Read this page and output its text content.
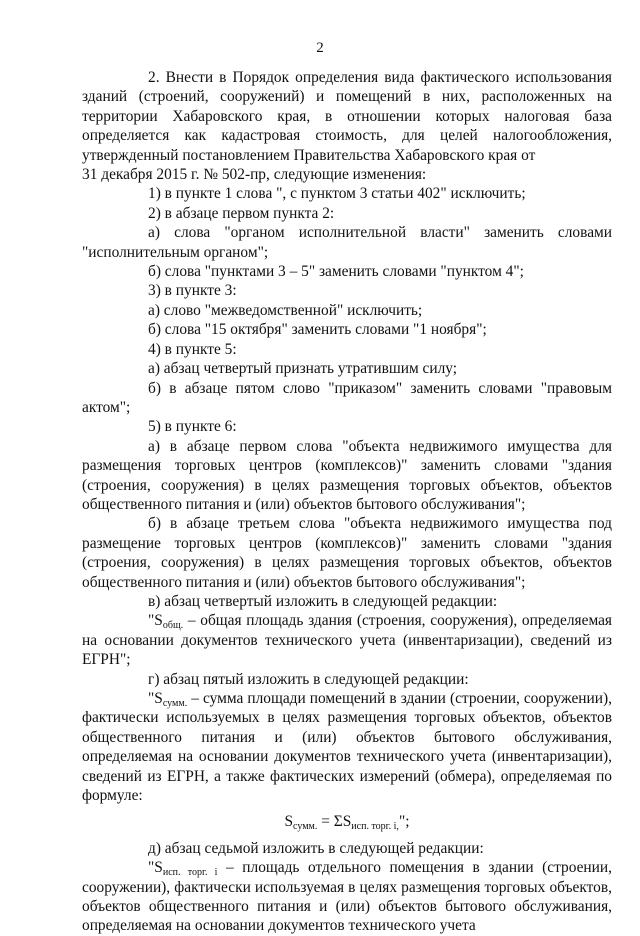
2

2. Внести в Порядок определения вида фактического использования зданий (строений, сооружений) и помещений в них, расположенных на территории Хабаровского края, в отношении которых налоговая база определяется как кадастровая стоимость, для целей налогообложения, утвержденный постановлением Правительства Хабаровского края от

31 декабря 2015 г. № 502-пр, следующие изменения:

1) в пункте 1 слова ", с пунктом 3 статьи 402" исключить;

2) в абзаце первом пункта 2:

а) слова "органом исполнительной власти" заменить словами

"исполнительным органом";

б) слова "пунктами 3 – 5" заменить словами "пунктом 4";

3) в пункте 3:

а) слово "межведомственной" исключить;

б) слова "15 октября" заменить словами "1 ноября";

4) в пункте 5:

а) абзац четвертый признать утратившим силу;

б) в абзаце пятом слово "приказом" заменить словами "правовым актом";

5) в пункте 6:

а) в абзаце первом слова "объекта недвижимого имущества для размещения торговых центров (комплексов)" заменить словами "здания (строения, сооружения) в целях размещения торговых объектов, объектов общественного питания и (или) объектов бытового обслуживания";

б) в абзаце третьем слова "объекта недвижимого имущества под размещение торговых центров (комплексов)" заменить словами "здания (строения, сооружения) в целях размещения торговых объектов, объектов общественного питания и (или) объектов бытового обслуживания";

в) абзац четвертый изложить в следующей редакции:

"$S_{общ.}$ – общая площадь здания (строения, сооружения), определяемая на основании документов технического учета (инвентаризации), сведений из ЕГРН";

г) абзац пятый изложить в следующей редакции:

"$S_{сумм.}$ – сумма площади помещений в здании (строении, сооружении), фактически используемых в целях размещения торговых объектов, объектов общественного питания и (или) объектов бытового обслуживания, определяемая на основании документов технического учета (инвентаризации), сведений из ЕГРН, а также фактических измерений (обмера), определяемая по формуле:

$S_{сумм.} = \Sigma S_{исп. торг. i,}$";

д) абзац седьмой изложить в следующей редакции:

"$S_{исп. торг. i}$ – площадь отдельного помещения в здании (строении, сооружении), фактически используемая в целях размещения торговых объектов, объектов общественного питания и (или) объектов бытового обслуживания, определяемая на основании документов технического учета
